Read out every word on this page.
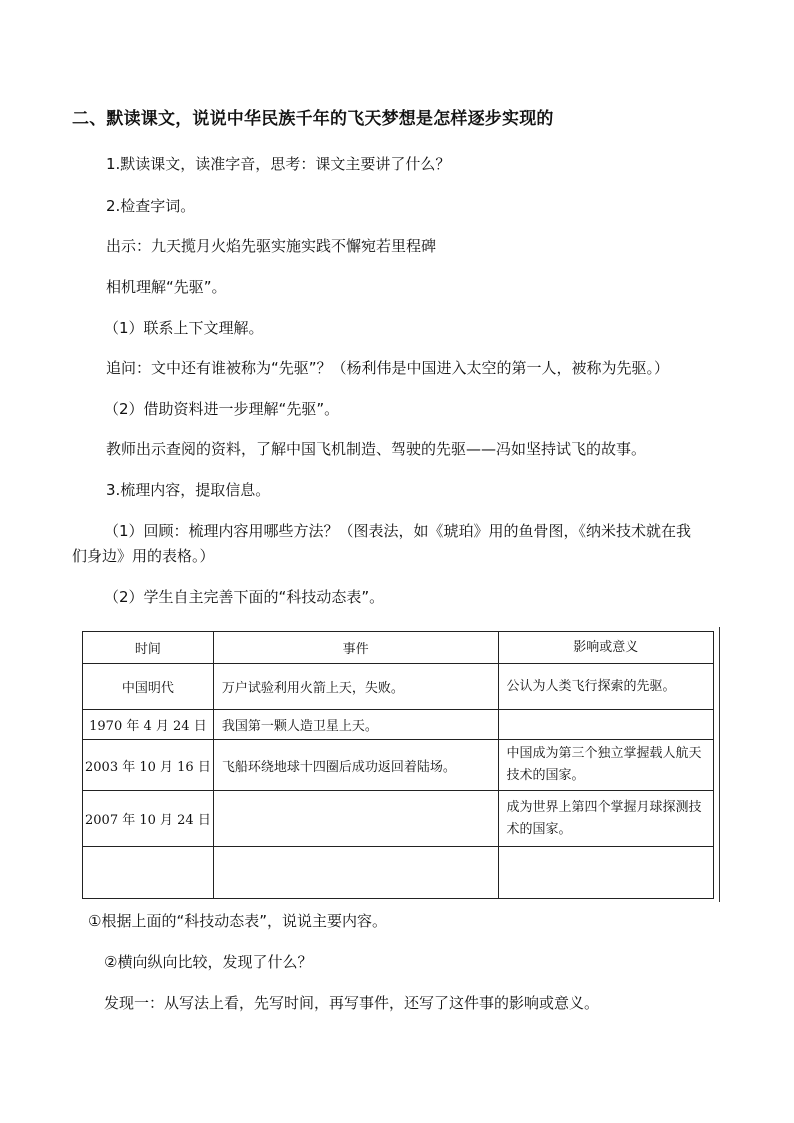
二、默读课文，说说中华民族千年的飞天梦想是怎样逐步实现的
1.默读课文，读准字音，思考：课文主要讲了什么？
2.检查字词。
出示：九天揽月火焰先驱实施实践不懈宛若里程碑
相机理解“先驱”。
（1）联系上下文理解。
追问：文中还有谁被称为“先驱”？（杨利伟是中国进入太空的第一人，被称为先驱。）
（2）借助资料进一步理解“先驱”。
教师出示查阅的资料，了解中国飞机制造、驾驶的先驱——冯如坚持试飞的故事。
3.梳理内容，提取信息。
（1）回顾：梳理内容用哪些方法？（图表法，如《琥珀》用的鱼骨图，《纳米技术就在我
们身边》用的表格。）
（2）学生自主完善下面的“科技动态表”。
时间	事件	影响或意义
中国明代	万户试验利用火箭上天，失败。	公认为人类飞行探索的先驱。
1970 年 4 月 24 日	我国第一颗人造卫星上天。	
2003 年 10 月 16 日	飞船环绕地球十四圈后成功返回着陆场。	中国成为第三个独立掌握载人航天技术的国家。
2007 年 10 月 24 日		成为世界上第四个掌握月球探测技术的国家。

①根据上面的“科技动态表”，说说主要内容。
②横向纵向比较，发现了什么？
发现一：从写法上看，先写时间，再写事件，还写了这件事的影响或意义。
